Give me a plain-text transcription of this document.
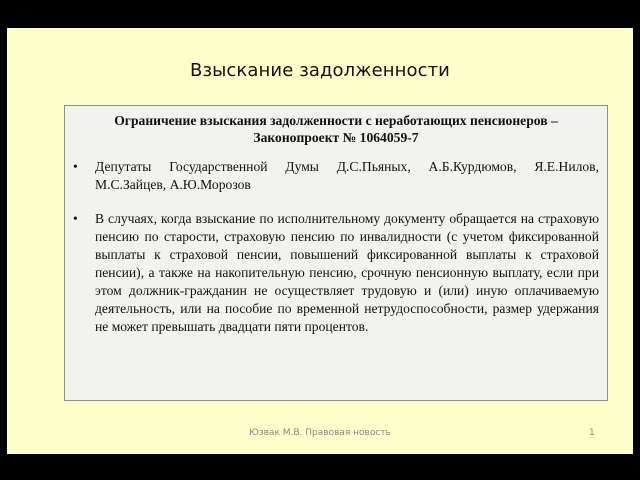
Взыскание задолженности

Ограничение взыскания задолженности с неработающих пенсионеров – Законопроект № 1064059-7

•	Депутаты Государственной Думы Д.С.Пьяных, А.Б.Курдюмов, Я.Е.Нилов, М.С.Зайцев, А.Ю.Морозов
•	В случаях, когда взыскание по исполнительному документу обращается на страховую пенсию по старости, страховую пенсию по инвалидности (с учетом фиксированной выплаты к страховой пенсии, повышений фиксированной выплаты к страховой пенсии), а также на накопительную пенсию, срочную пенсионную выплату, если при этом должник-гражданин не осуществляет трудовую и (или) иную оплачиваемую деятельность, или на пособие по временной нетрудоспособности, размер удержания не может превышать двадцати пяти процентов.
Юзвак М.В. Правовая новость	1
